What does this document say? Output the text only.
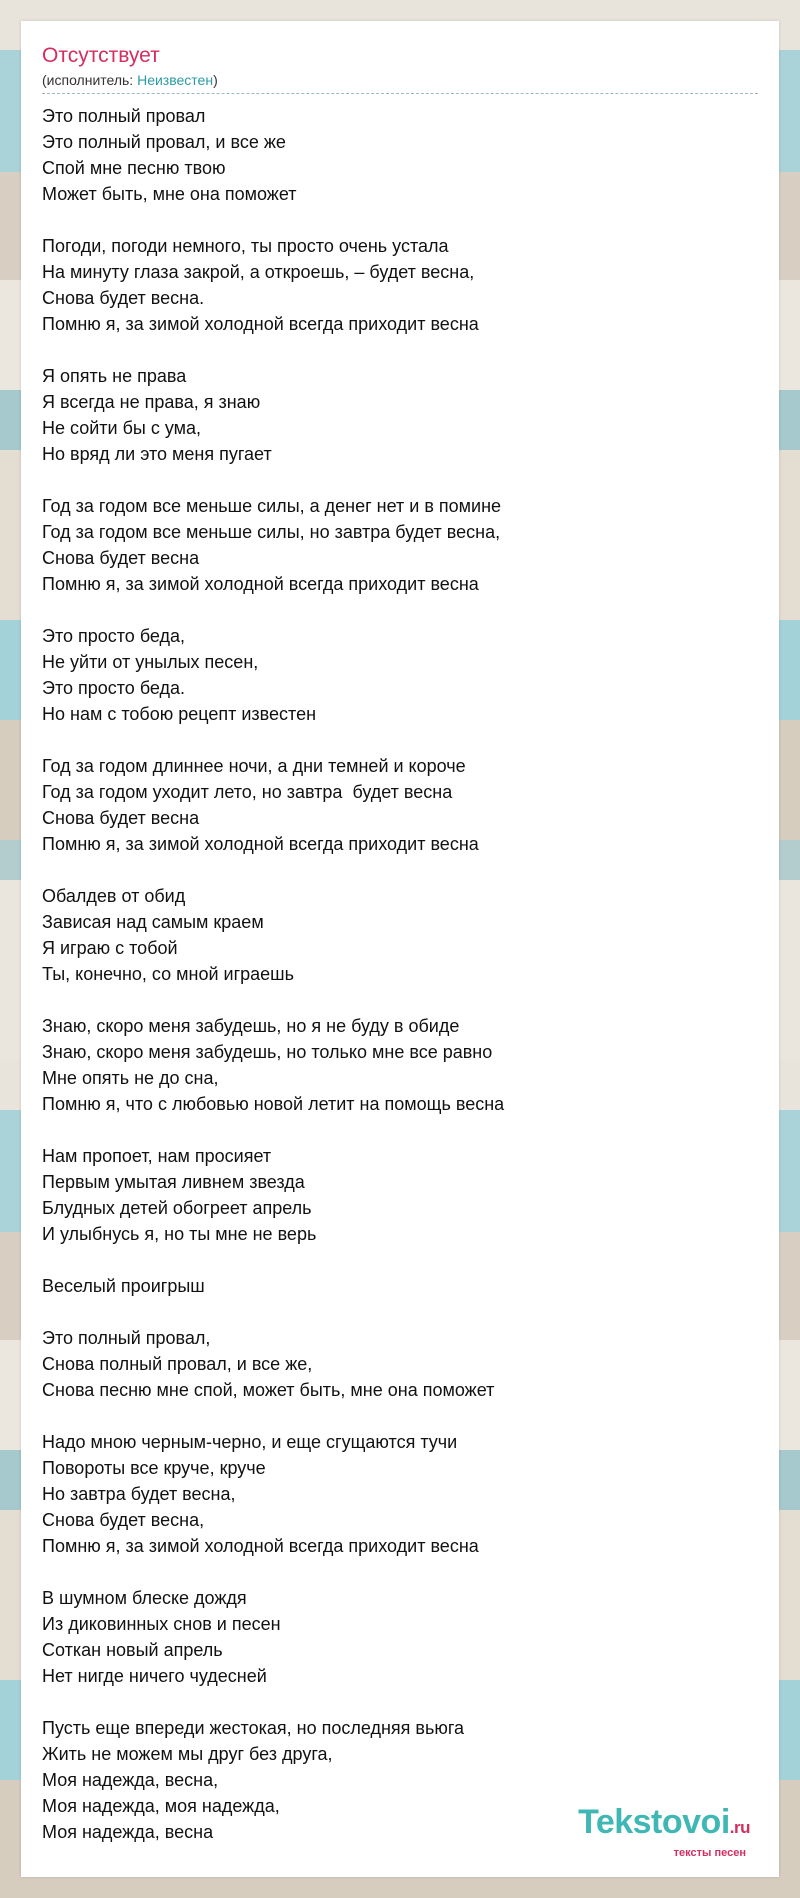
Отсутствует
(исполнитель: Неизвестен)
Это полный провал
Это полный провал, и все же
Спой мне песню твою
Может быть, мне она поможет
Погоди, погоди немного, ты просто очень устала
На минуту глаза закрой, а откроешь, – будет весна,
Снова будет весна.
Помню я, за зимой холодной всегда приходит весна
Я опять не права
Я всегда не права, я знаю
Не сойти бы с ума,
Но вряд ли это меня пугает
Год за годом все меньше силы, а денег нет и в помине
Год за годом все меньше силы, но завтра будет весна,
Снова будет весна
Помню я, за зимой холодной всегда приходит весна
Это просто беда,
Не уйти от унылых песен,
Это просто беда.
Но нам с тобою рецепт известен
Год за годом длиннее ночи, а дни темней и короче
Год за годом уходит лето, но завтра  будет весна
Снова будет весна
Помню я, за зимой холодной всегда приходит весна
Обалдев от обид
Зависая над самым краем
Я играю с тобой
Ты, конечно, со мной играешь
Знаю, скоро меня забудешь, но я не буду в обиде
Знаю, скоро меня забудешь, но только мне все равно
Мне опять не до сна,
Помню я, что с любовью новой летит на помощь весна
Нам пропоет, нам просияет
Первым умытая ливнем звезда
Блудных детей обогреет апрель
И улыбнусь я, но ты мне не верь
Веселый проигрыш
Это полный провал,
Снова полный провал, и все же,
Снова песню мне спой, может быть, мне она поможет
Надо мною черным-черно, и еще сгущаются тучи
Повороты все круче, круче
Но завтра будет весна,
Снова будет весна,
Помню я, за зимой холодной всегда приходит весна
В шумном блеске дождя
Из диковинных снов и песен
Соткан новый апрель
Нет нигде ничего чудесней
Пусть еще впереди жестокая, но последняя вьюга
Жить не можем мы друг без друга,
Моя надежда, весна,
Моя надежда, моя надежда,
Моя надежда, весна	Tekstovoi.ru
тексты песен
